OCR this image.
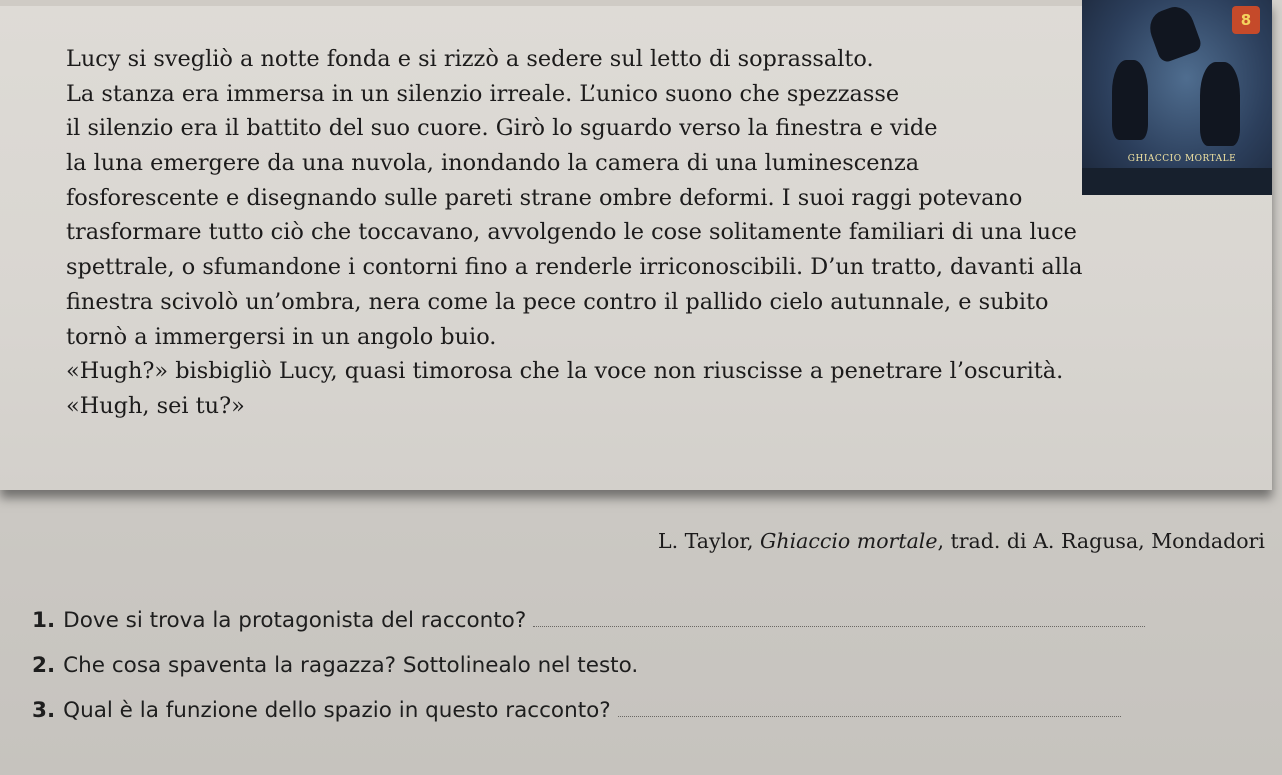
Lucy si svegliò a notte fonda e si rizzò a sedere sul letto di soprassalto.
La stanza era immersa in un silenzio irreale. L’unico suono che spezzasse
il silenzio era il battito del suo cuore. Girò lo sguardo verso la finestra e vide
la luna emergere da una nuvola, inondando la camera di una luminescenza
fosforescente e disegnando sulle pareti strane ombre deformi. I suoi raggi potevano
trasformare tutto ciò che toccavano, avvolgendo le cose solitamente familiari di una luce
spettrale, o sfumandone i contorni fino a renderle irriconoscibili. D’un tratto, davanti alla
finestra scivolò un’ombra, nera come la pece contro il pallido cielo autunnale, e subito
tornò a immergersi in un angolo buio.
«Hugh?» bisbigliò Lucy, quasi timorosa che la voce non riuscisse a penetrare l’oscurità.
«Hugh, sei tu?»
8
GHIACCIO MORTALE
L. Taylor, Ghiaccio mortale, trad. di A. Ragusa, Mondadori
1. Dove si trova la protagonista del racconto?
2. Che cosa spaventa la ragazza? Sottolinealo nel testo.
3. Qual è la funzione dello spazio in questo racconto?
